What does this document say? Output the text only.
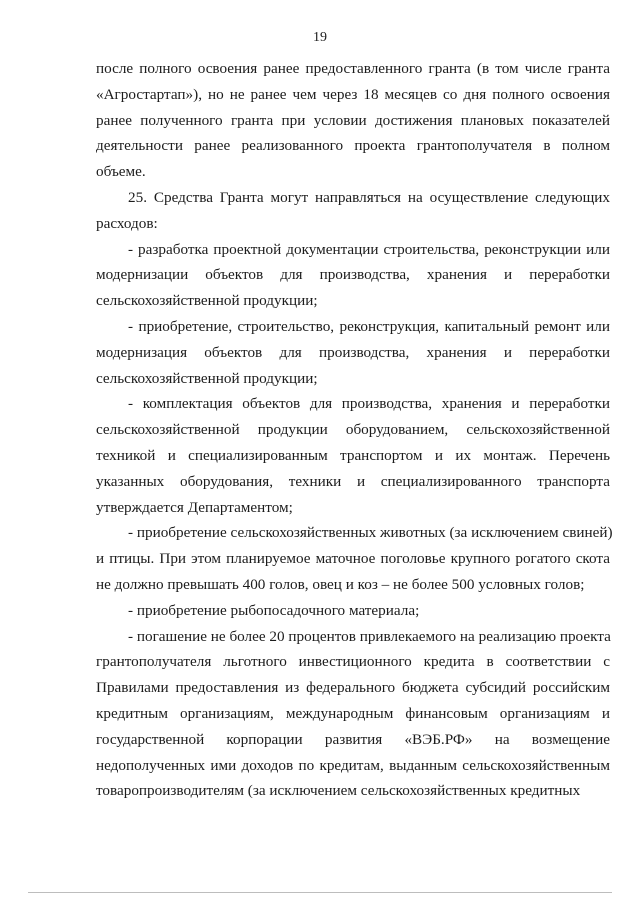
19
после полного освоения ранее предоставленного гранта (в том числе гранта
«Агростартап»), но не ранее чем через 18 месяцев со дня полного освоения
ранее полученного гранта при условии достижения плановых показателей
деятельности ранее реализованного проекта грантополучателя в полном
объеме.
25. Средства Гранта могут направляться на осуществление следующих
расходов:
- разработка проектной документации строительства, реконструкции или
модернизации объектов для производства, хранения и переработки
сельскохозяйственной продукции;
- приобретение, строительство, реконструкция, капитальный ремонт или
модернизация объектов для производства, хранения и переработки
сельскохозяйственной продукции;
- комплектация объектов для производства, хранения и переработки
сельскохозяйственной продукции оборудованием, сельскохозяйственной
техникой и специализированным транспортом и их монтаж. Перечень
указанных оборудования, техники и специализированного транспорта
утверждается Департаментом;
- приобретение сельскохозяйственных животных (за исключением свиней)
и птицы. При этом планируемое маточное поголовье крупного рогатого скота
не должно превышать 400 голов, овец и коз – не более 500 условных голов;
- приобретение рыбопосадочного материала;
- погашение не более 20 процентов привлекаемого на реализацию проекта
грантополучателя льготного инвестиционного кредита в соответствии с
Правилами предоставления из федерального бюджета субсидий российским
кредитным организациям, международным финансовым организациям и
государственной корпорации развития «ВЭБ.РФ» на возмещение
недополученных ими доходов по кредитам, выданным сельскохозяйственным
товаропроизводителям (за исключением сельскохозяйственных кредитных
